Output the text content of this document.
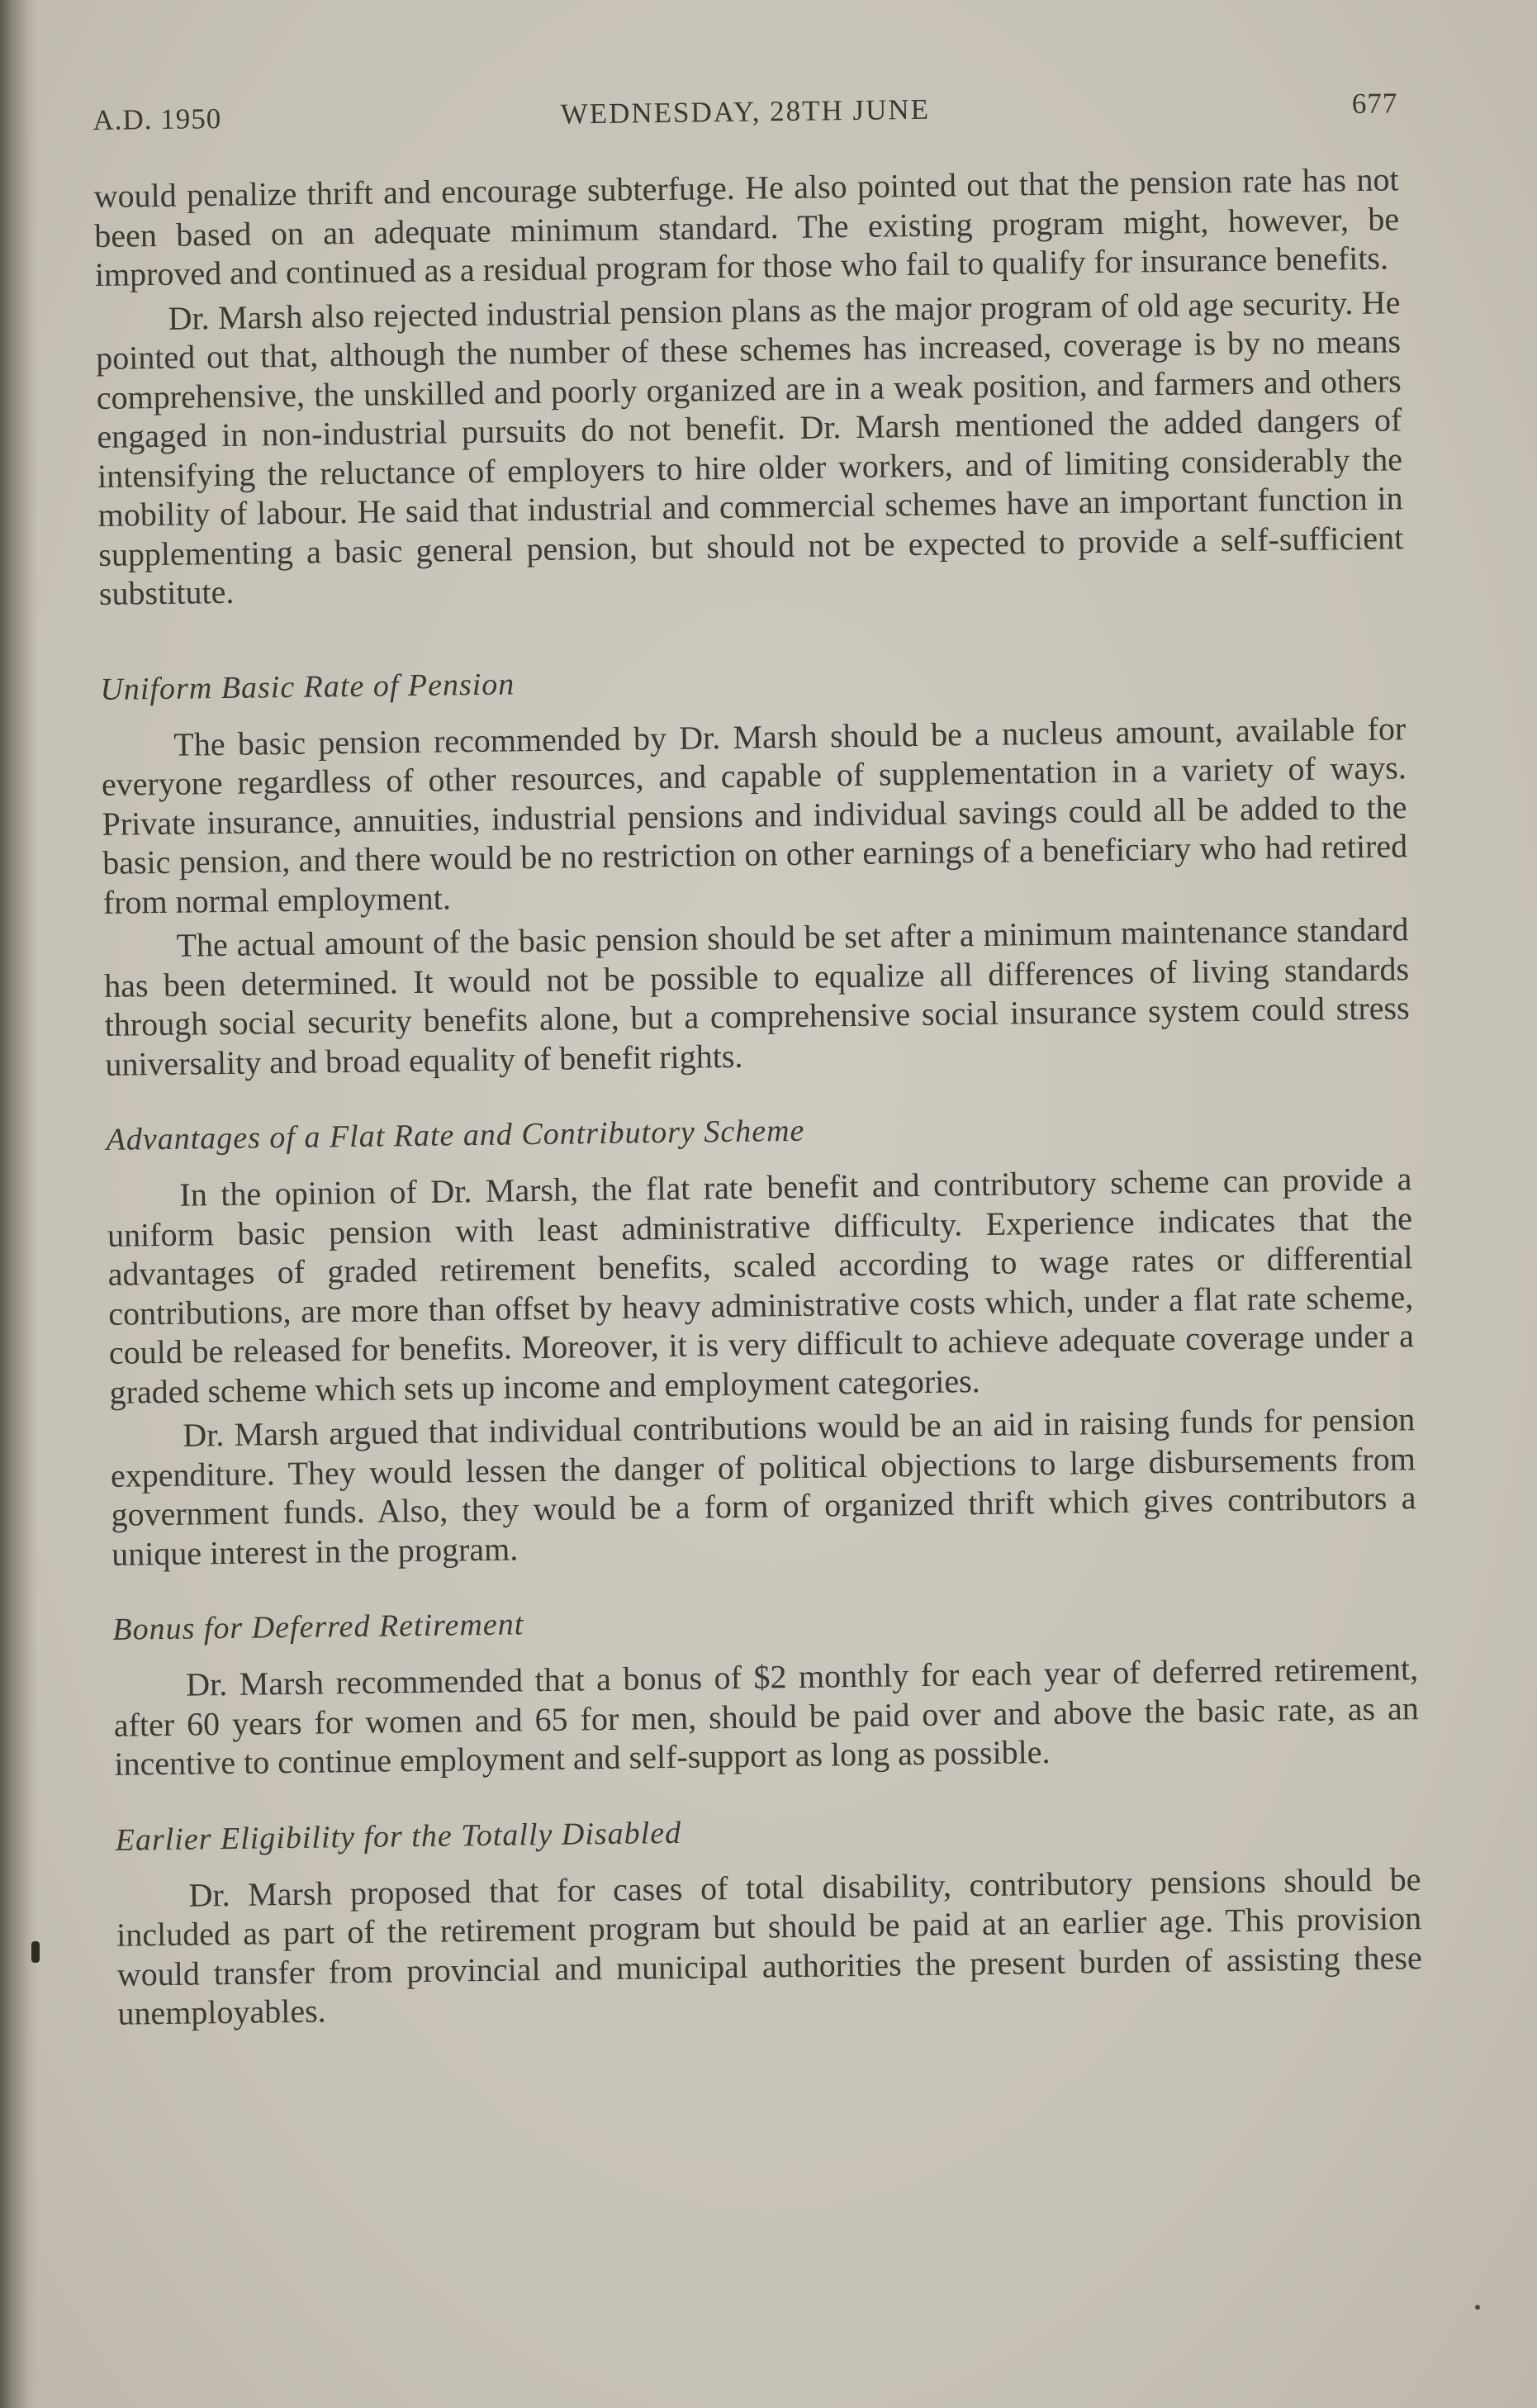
A.D. 1950	WEDNESDAY, 28TH JUNE	677

would penalize thrift and encourage subterfuge. He also pointed out that the pension rate has not been based on an adequate minimum standard. The existing program might, however, be improved and continued as a residual program for those who fail to qualify for insurance benefits.

Dr. Marsh also rejected industrial pension plans as the major program of old age security. He pointed out that, although the number of these schemes has increased, coverage is by no means comprehensive, the unskilled and poorly organized are in a weak position, and farmers and others engaged in non-industrial pursuits do not benefit. Dr. Marsh mentioned the added dangers of intensifying the reluctance of employers to hire older workers, and of limiting considerably the mobility of labour. He said that industrial and commercial schemes have an important function in supplementing a basic general pension, but should not be expected to provide a self-sufficient substitute.

Uniform Basic Rate of Pension

The basic pension recommended by Dr. Marsh should be a nucleus amount, available for everyone regardless of other resources, and capable of supplementation in a variety of ways. Private insurance, annuities, industrial pensions and individual savings could all be added to the basic pension, and there would be no restriction on other earnings of a beneficiary who had retired from normal employment.

The actual amount of the basic pension should be set after a minimum maintenance standard has been determined. It would not be possible to equalize all differences of living standards through social security benefits alone, but a comprehensive social insurance system could stress universality and broad equality of benefit rights.

Advantages of a Flat Rate and Contributory Scheme

In the opinion of Dr. Marsh, the flat rate benefit and contributory scheme can provide a uniform basic pension with least administrative difficulty. Experience indicates that the advantages of graded retirement benefits, scaled according to wage rates or differential contributions, are more than offset by heavy administrative costs which, under a flat rate scheme, could be released for benefits. Moreover, it is very difficult to achieve adequate coverage under a graded scheme which sets up income and employment categories.

Dr. Marsh argued that individual contributions would be an aid in raising funds for pension expenditure. They would lessen the danger of political objections to large disbursements from government funds. Also, they would be a form of organized thrift which gives contributors a unique interest in the program.

Bonus for Deferred Retirement

Dr. Marsh recommended that a bonus of $2 monthly for each year of deferred retirement, after 60 years for women and 65 for men, should be paid over and above the basic rate, as an incentive to continue employment and self-support as long as possible.

Earlier Eligibility for the Totally Disabled

Dr. Marsh proposed that for cases of total disability, contributory pensions should be included as part of the retirement program but should be paid at an earlier age. This provision would transfer from provincial and municipal authorities the present burden of assisting these unemployables.
